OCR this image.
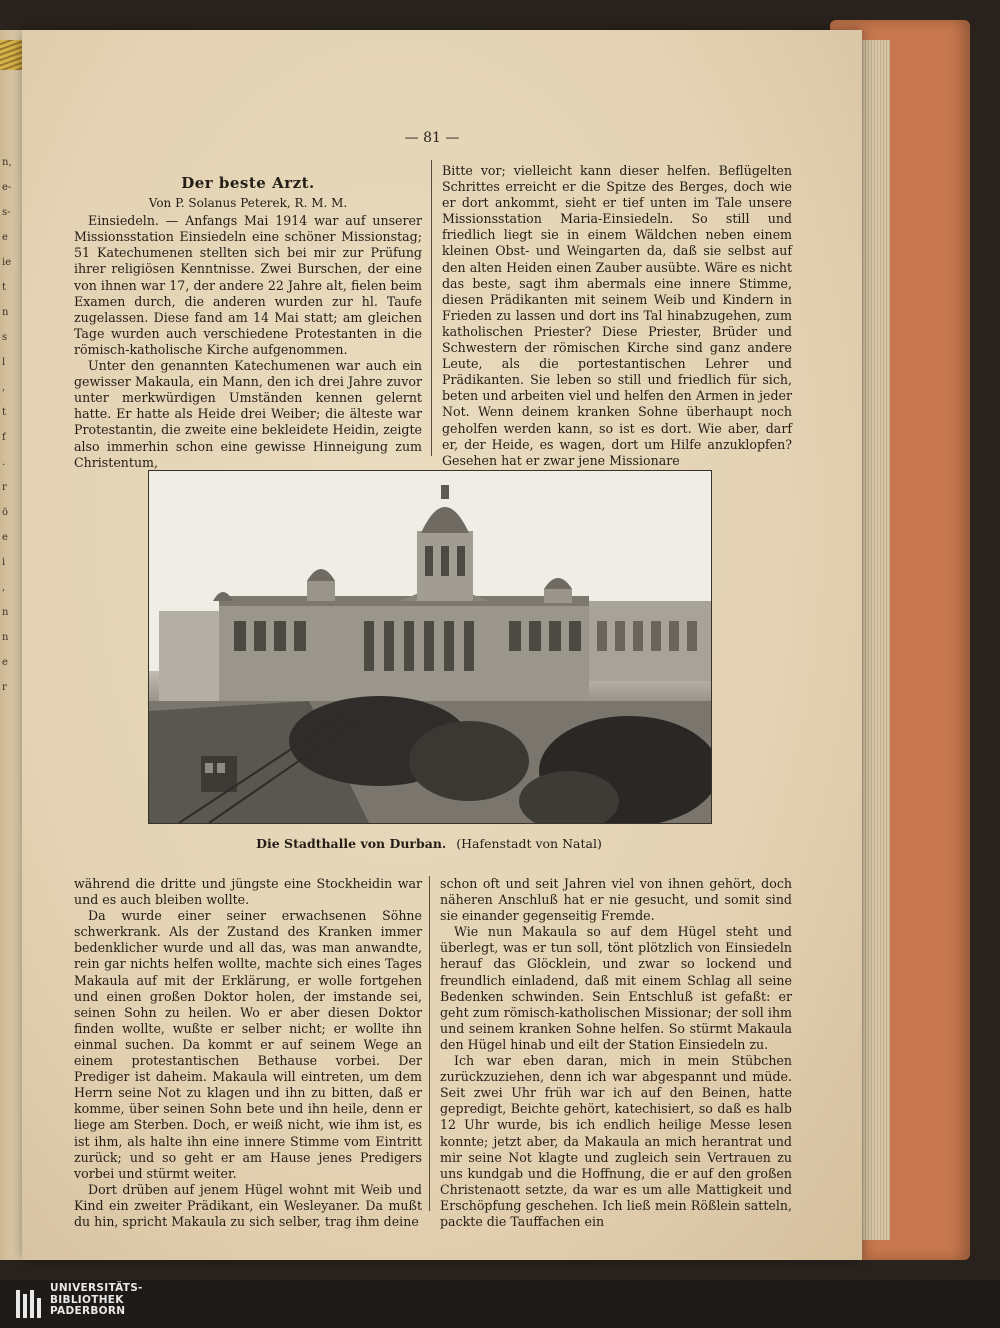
n,
e-
s-
e
ie
t
n
s
l
,
t
f
.
r
ö
e
i
,
n
n
e
r
— 81 —

Der beste Arzt.

Von P. Solanus Peterek, R. M. M.

Einsiedeln. — Anfangs Mai 1914 war auf unserer Missionsstation Einsiedeln eine schöner Missionstag; 51 Katechumenen stellten sich bei mir zur Prüfung ihrer religiösen Kenntnisse. Zwei Burschen, der eine von ihnen war 17, der andere 22 Jahre alt, fielen beim Examen durch, die anderen wurden zur hl. Taufe zugelassen. Diese fand am 14 Mai statt; am gleichen Tage wurden auch verschiedene Protestanten in die römisch-katholische Kirche aufgenommen.

Unter den genannten Katechumenen war auch ein gewisser Makaula, ein Mann, den ich drei Jahre zuvor unter merkwürdigen Umständen kennen gelernt hatte. Er hatte als Heide drei Weiber; die älteste war Protestantin, die zweite eine bekleidete Heidin, zeigte also immerhin schon eine gewisse Hinneigung zum Christentum,

Bitte vor; vielleicht kann dieser helfen. Beflügelten Schrittes erreicht er die Spitze des Berges, doch wie er dort ankommt, sieht er tief unten im Tale unsere Missionsstation Maria-Einsiedeln. So still und friedlich liegt sie in einem Wäldchen neben einem kleinen Obst- und Weingarten da, daß sie selbst auf den alten Heiden einen Zauber ausübte. Wäre es nicht das beste, sagt ihm abermals eine innere Stimme, diesen Prädikanten mit seinem Weib und Kindern in Frieden zu lassen und dort ins Tal hinabzugehen, zum katholischen Priester? Diese Priester, Brüder und Schwestern der römischen Kirche sind ganz andere Leute, als die portestantischen Lehrer und Prädikanten. Sie leben so still und friedlich für sich, beten und arbeiten viel und helfen den Armen in jeder Not. Wenn deinem kranken Sohne überhaupt noch geholfen werden kann, so ist es dort. Wie aber, darf er, der Heide, es wagen, dort um Hilfe anzuklopfen? Gesehen hat er zwar jene Missionare

Die Stadthalle von Durban. (Hafenstadt von Natal)

während die dritte und jüngste eine Stockheidin war und es auch bleiben wollte.

Da wurde einer seiner erwachsenen Söhne schwerkrank. Als der Zustand des Kranken immer bedenklicher wurde und all das, was man anwandte, rein gar nichts helfen wollte, machte sich eines Tages Makaula auf mit der Erklärung, er wolle fortgehen und einen großen Doktor holen, der imstande sei, seinen Sohn zu heilen. Wo er aber diesen Doktor finden wollte, wußte er selber nicht; er wollte ihn einmal suchen. Da kommt er auf seinem Wege an einem protestantischen Bethause vorbei. Der Prediger ist daheim. Makaula will eintreten, um dem Herrn seine Not zu klagen und ihn zu bitten, daß er komme, über seinen Sohn bete und ihn heile, denn er liege am Sterben. Doch, er weiß nicht, wie ihm ist, es ist ihm, als halte ihn eine innere Stimme vom Eintritt zurück; und so geht er am Hause jenes Predigers vorbei und stürmt weiter.

Dort drüben auf jenem Hügel wohnt mit Weib und Kind ein zweiter Prädikant, ein Wesleyaner. Da mußt du hin, spricht Makaula zu sich selber, trag ihm deine

schon oft und seit Jahren viel von ihnen gehört, doch näheren Anschluß hat er nie gesucht, und somit sind sie einander gegenseitig Fremde.

Wie nun Makaula so auf dem Hügel steht und überlegt, was er tun soll, tönt plötzlich von Einsiedeln herauf das Glöcklein, und zwar so lockend und freundlich einladend, daß mit einem Schlag all seine Bedenken schwinden. Sein Entschluß ist gefaßt: er geht zum römisch-katholischen Missionar; der soll ihm und seinem kranken Sohne helfen. So stürmt Makaula den Hügel hinab und eilt der Station Einsiedeln zu.

Ich war eben daran, mich in mein Stübchen zurückzuziehen, denn ich war abgespannt und müde. Seit zwei Uhr früh war ich auf den Beinen, hatte gepredigt, Beichte gehört, katechisiert, so daß es halb 12 Uhr wurde, bis ich endlich heilige Messe lesen konnte; jetzt aber, da Makaula an mich herantrat und mir seine Not klagte und zugleich sein Vertrauen zu uns kundgab und die Hoffnung, die er auf den großen Christenaott setzte, da war es um alle Mattigkeit und Erschöpfung geschehen. Ich ließ mein Rößlein satteln, packte die Tauffachen ein

UNIVERSITÄTS-
BIBLIOTHEK
PADERBORN
